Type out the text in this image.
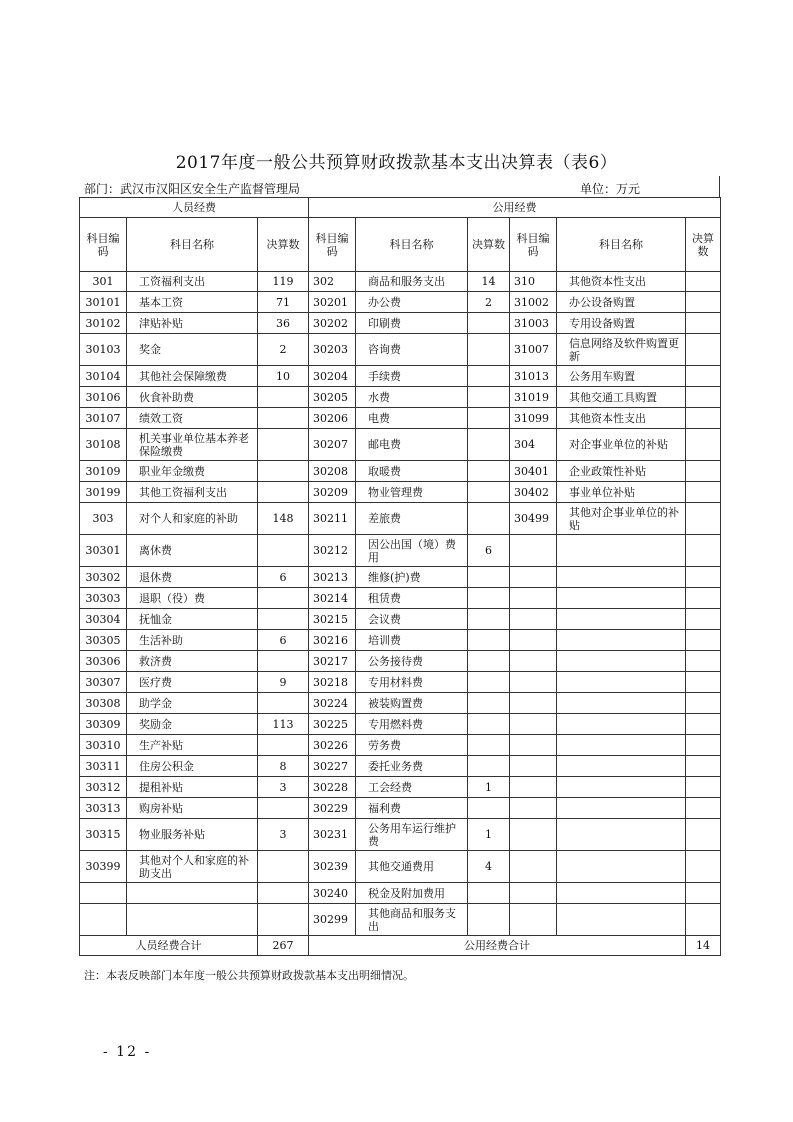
2017年度一般公共预算财政拨款基本支出决算表（表6）
部门：武汉市汉阳区安全生产监督管理局	单位：万元
人员经费			公用经费					
科目编码	科目名称	决算数	科目编码	科目名称	决算数	科目编码	科目名称	决算数
301	工资福利支出	119	302	商品和服务支出	14	310	其他资本性支出	
30101	基本工资	71	30201	办公费	2	31002	办公设备购置	
30102	津贴补贴	36	30202	印刷费		31003	专用设备购置	
30103	奖金	2	30203	咨询费		31007	信息网络及软件购置更新	
30104	其他社会保障缴费	10	30204	手续费		31013	公务用车购置	
30106	伙食补助费		30205	水费		31019	其他交通工具购置	
30107	绩效工资		30206	电费		31099	其他资本性支出	
30108	机关事业单位基本养老保险缴费		30207	邮电费		304	对企事业单位的补贴	
30109	职业年金缴费		30208	取暖费		30401	企业政策性补贴	
30199	其他工资福利支出		30209	物业管理费		30402	事业单位补贴	
303	对个人和家庭的补助	148	30211	差旅费		30499	其他对企事业单位的补贴	
30301	离休费		30212	因公出国（境）费用	6			
30302	退休费	6	30213	维修(护)费				
30303	退职（役）费		30214	租赁费				
30304	抚恤金		30215	会议费				
30305	生活补助	6	30216	培训费				
30306	救济费		30217	公务接待费				
30307	医疗费	9	30218	专用材料费				
30308	助学金		30224	被装购置费				
30309	奖励金	113	30225	专用燃料费				
30310	生产补贴		30226	劳务费				
30311	住房公积金	8	30227	委托业务费				
30312	提租补贴	3	30228	工会经费	1			
30313	购房补贴		30229	福利费				
30315	物业服务补贴	3	30231	公务用车运行维护费	1			
30399	其他对个人和家庭的补助支出		30239	其他交通费用	4			
			30240	税金及附加费用				
			30299	其他商品和服务支出				
人员经费合计		267	公用经费合计					14
注：本表反映部门本年度一般公共预算财政拨款基本支出明细情况。
- 12 -
